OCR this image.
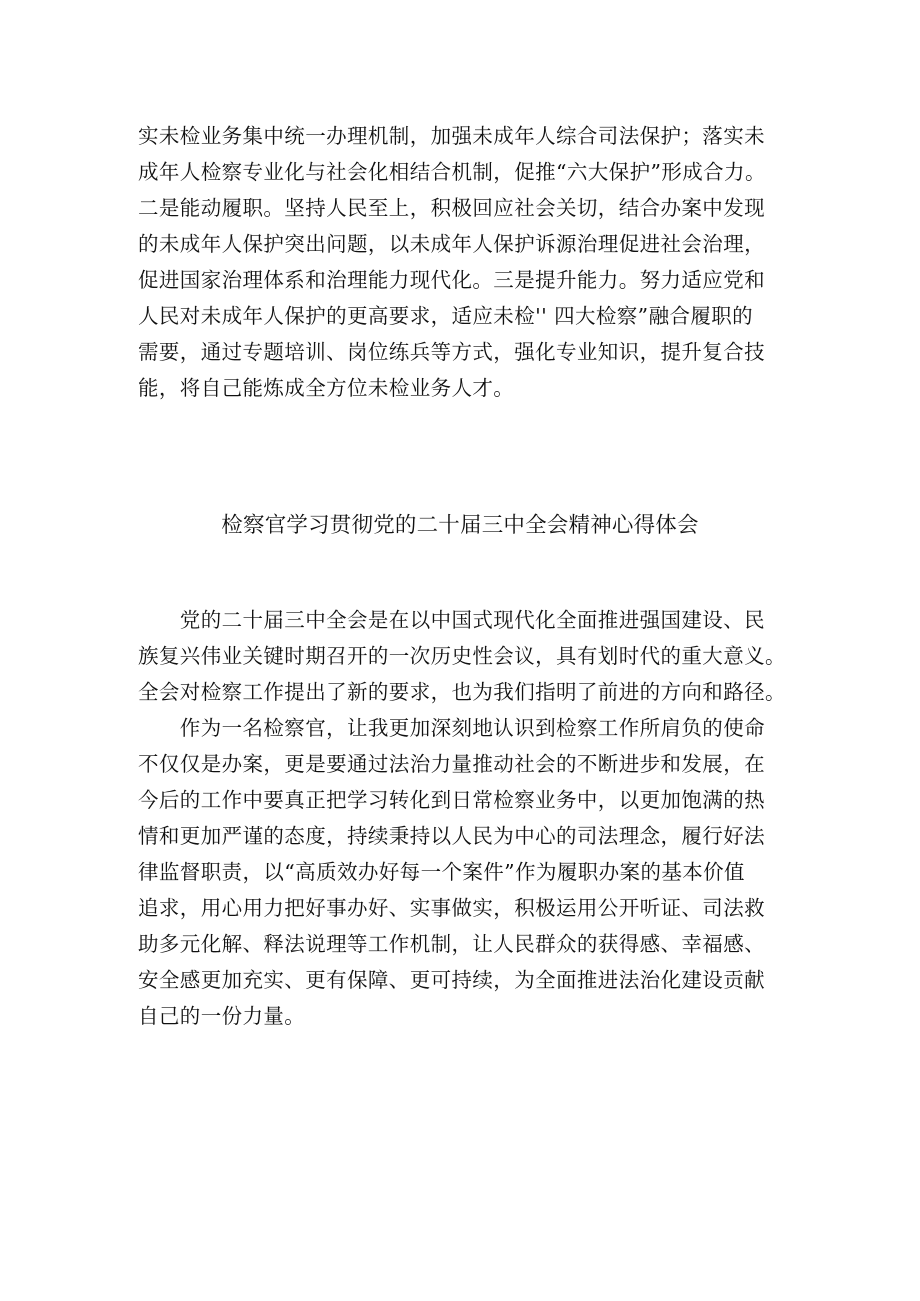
实未检业务集中统一办理机制，加强未成年人综合司法保护；落实未
成年人检察专业化与社会化相结合机制，促推“六大保护”形成合力。
二是能动履职。坚持人民至上，积极回应社会关切，结合办案中发现
的未成年人保护突出问题，以未成年人保护诉源治理促进社会治理，
促进国家治理体系和治理能力现代化。三是提升能力。努力适应党和
人民对未成年人保护的更高要求，适应未检'' 四大检察”融合履职的
需要，通过专题培训、岗位练兵等方式，强化专业知识，提升复合技
能，将自己能炼成全方位未检业务人才。
检察官学习贯彻党的二十届三中全会精神心得体会
　　党的二十届三中全会是在以中国式现代化全面推进强国建设、民
族复兴伟业关键时期召开的一次历史性会议，具有划时代的重大意义。
全会对检察工作提出了新的要求，也为我们指明了前进的方向和路径。
　　作为一名检察官，让我更加深刻地认识到检察工作所肩负的使命
不仅仅是办案，更是要通过法治力量推动社会的不断进步和发展，在
今后的工作中要真正把学习转化到日常检察业务中，以更加饱满的热
情和更加严谨的态度，持续秉持以人民为中心的司法理念，履行好法
律监督职责，以“高质效办好每一个案件”作为履职办案的基本价值
追求，用心用力把好事办好、实事做实，积极运用公开听证、司法救
助多元化解、释法说理等工作机制，让人民群众的获得感、幸福感、
安全感更加充实、更有保障、更可持续，为全面推进法治化建设贡献
自己的一份力量。
